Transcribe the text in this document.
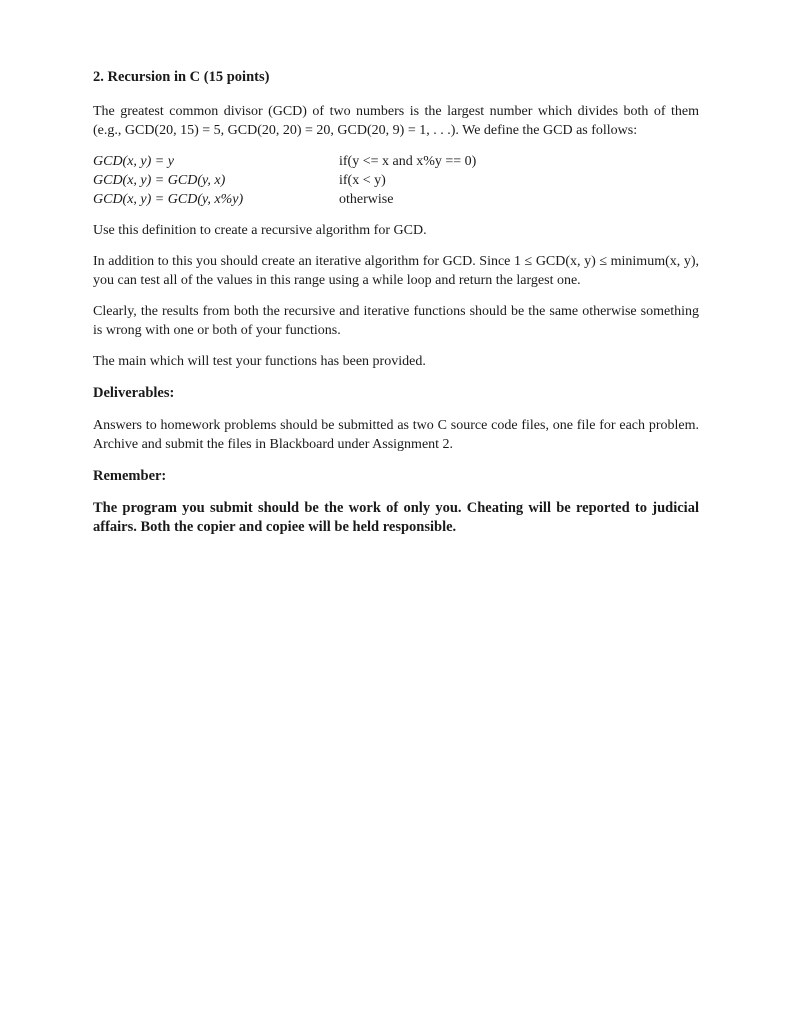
2. Recursion in C (15 points)

The greatest common divisor (GCD) of two numbers is the largest number which divides both of them (e.g., GCD(20, 15) = 5, GCD(20, 20) = 20, GCD(20, 9) = 1, . . .). We define the GCD as follows:

GCD(x, y) = y	if(y <= x and x%y == 0)
GCD(x, y) = GCD(y, x)	if(x < y)
GCD(x, y) = GCD(y, x%y)	otherwise

Use this definition to create a recursive algorithm for GCD.

In addition to this you should create an iterative algorithm for GCD. Since 1 ≤ GCD(x, y) ≤ minimum(x, y), you can test all of the values in this range using a while loop and return the largest one.

Clearly, the results from both the recursive and iterative functions should be the same otherwise something is wrong with one or both of your functions.

The main which will test your functions has been provided.

Deliverables:

Answers to homework problems should be submitted as two C source code files, one file for each problem. Archive and submit the files in Blackboard under Assignment 2.

Remember:

The program you submit should be the work of only you. Cheating will be reported to judicial affairs. Both the copier and copiee will be held responsible.
